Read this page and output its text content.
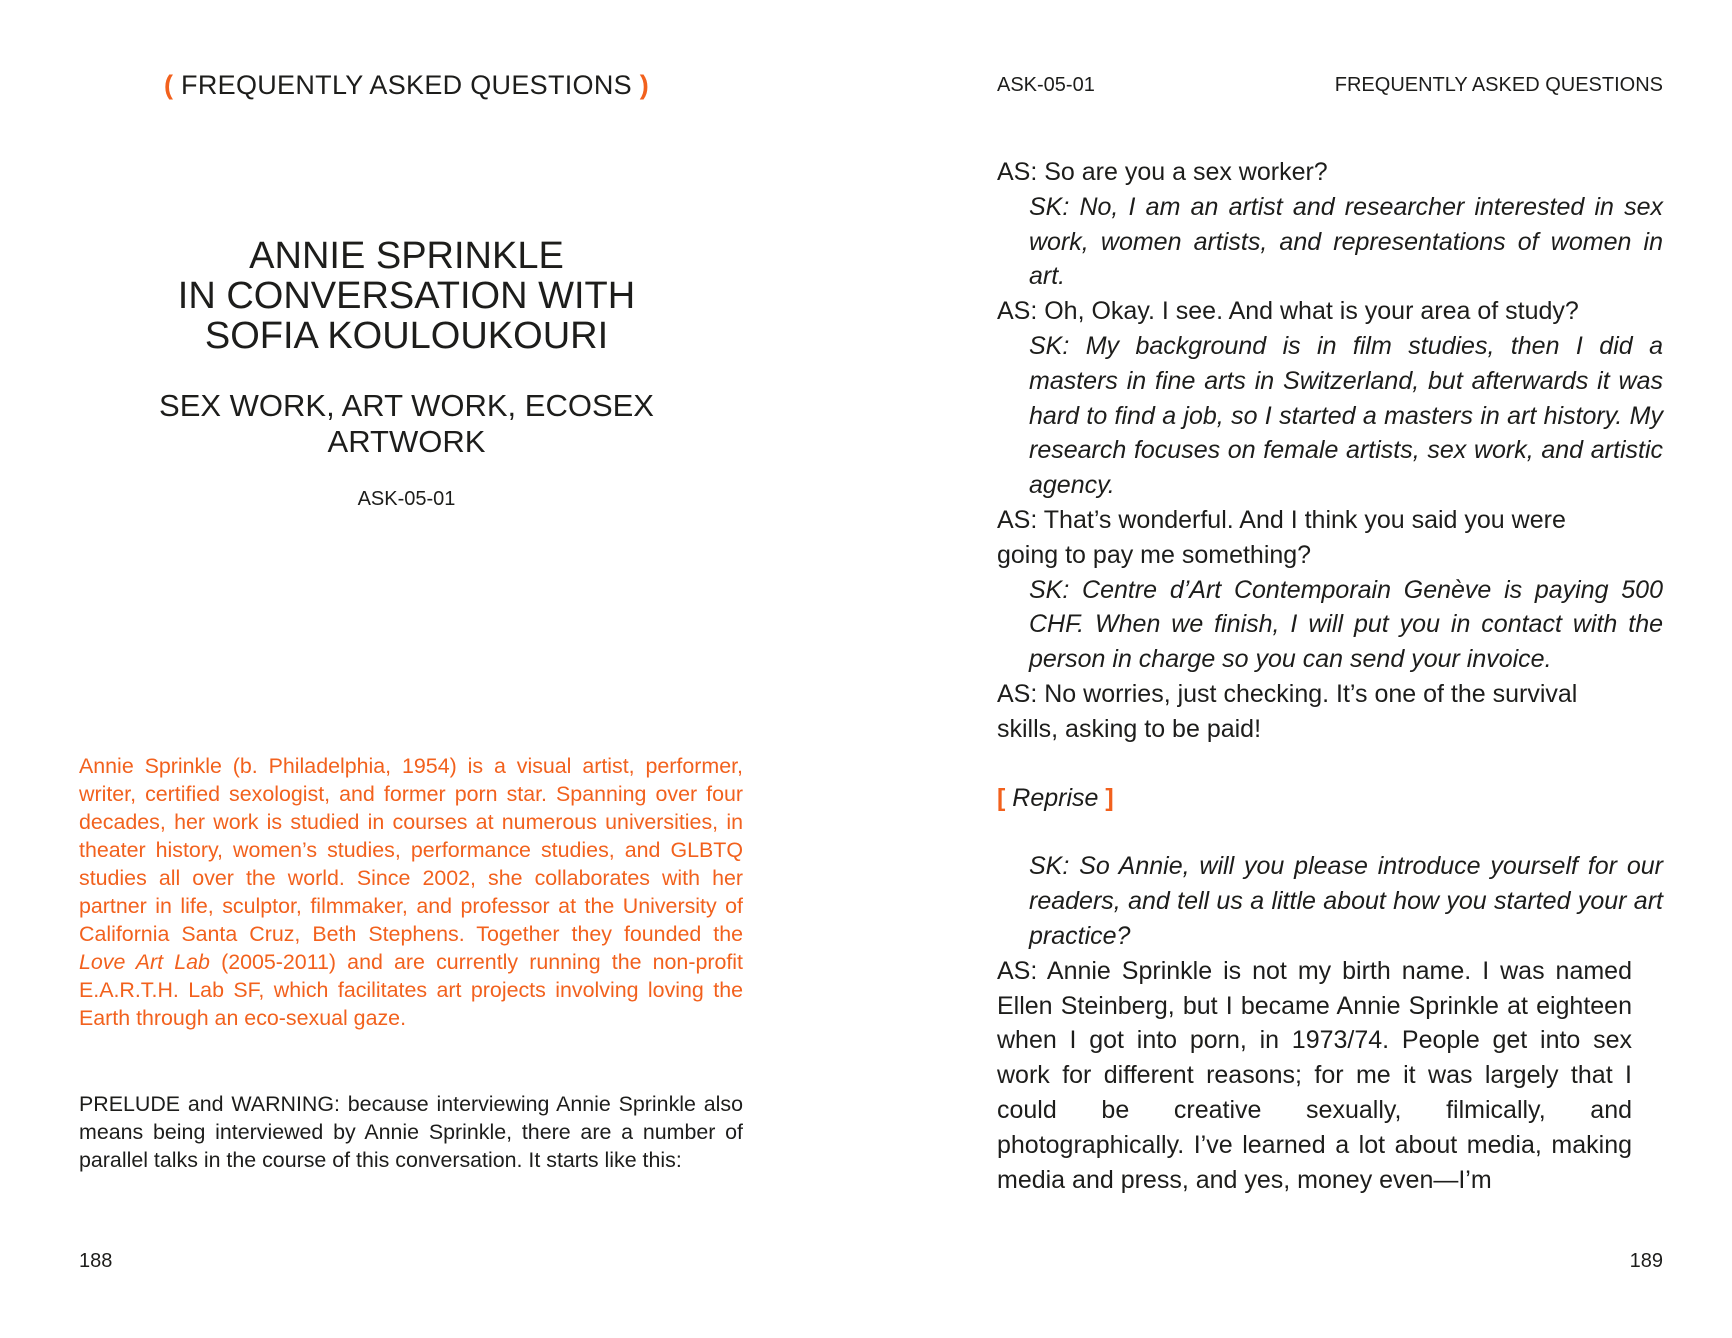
( FREQUENTLY ASKED QUESTIONS )
ANNIE SPRINKLE
IN CONVERSATION WITH
SOFIA KOULOUKOURI
SEX WORK, ART WORK, ECOSEX ARTWORK
ASK-05-01
Annie Sprinkle (b. Philadelphia, 1954) is a visual artist, performer, writer, certified sexologist, and former porn star. Spanning over four decades, her work is studied in courses at numerous universities, in theater history, women’s studies, performance studies, and GLBTQ studies all over the world. Since 2002, she collaborates with her partner in life, sculptor, filmmaker, and professor at the University of California Santa Cruz, Beth Stephens. Together they founded the Love Art Lab (2005-2011) and are currently running the non-profit E.A.R.T.H. Lab SF, which facilitates art projects involving loving the Earth through an eco-sexual gaze.
PRELUDE and WARNING: because interviewing Annie Sprinkle also means being interviewed by Annie Sprinkle, there are a number of parallel talks in the course of this conversation. It starts like this:
188
ASK-05-01	FREQUENTLY ASKED QUESTIONS

AS: So are you a sex worker?

SK: No, I am an artist and researcher interested in sex work, women artists, and representations of women in art.

AS: Oh, Okay. I see. And what is your area of study?

SK: My background is in film studies, then I did a masters in fine arts in Switzerland, but afterwards it was hard to find a job, so I started a masters in art history. My research focuses on female artists, sex work, and artistic agency.

AS: That’s wonderful. And I think you said you were going to pay me something?

SK: Centre d’Art Contemporain Genève is paying 500 CHF. When we finish, I will put you in contact with the person in charge so you can send your invoice.

AS: No worries, just checking. It’s one of the survival skills, asking to be paid!

[ Reprise ]

SK: So Annie, will you please introduce yourself for our readers, and tell us a little about how you started your art practice?

AS: Annie Sprinkle is not my birth name. I was named Ellen Steinberg, but I became Annie Sprinkle at eighteen when I got into porn, in 1973/74. People get into sex work for different reasons; for me it was largely that I could be creative sexually, filmically, and photographically. I’ve learned a lot about media, making media and press, and yes, money even—I’m

189
